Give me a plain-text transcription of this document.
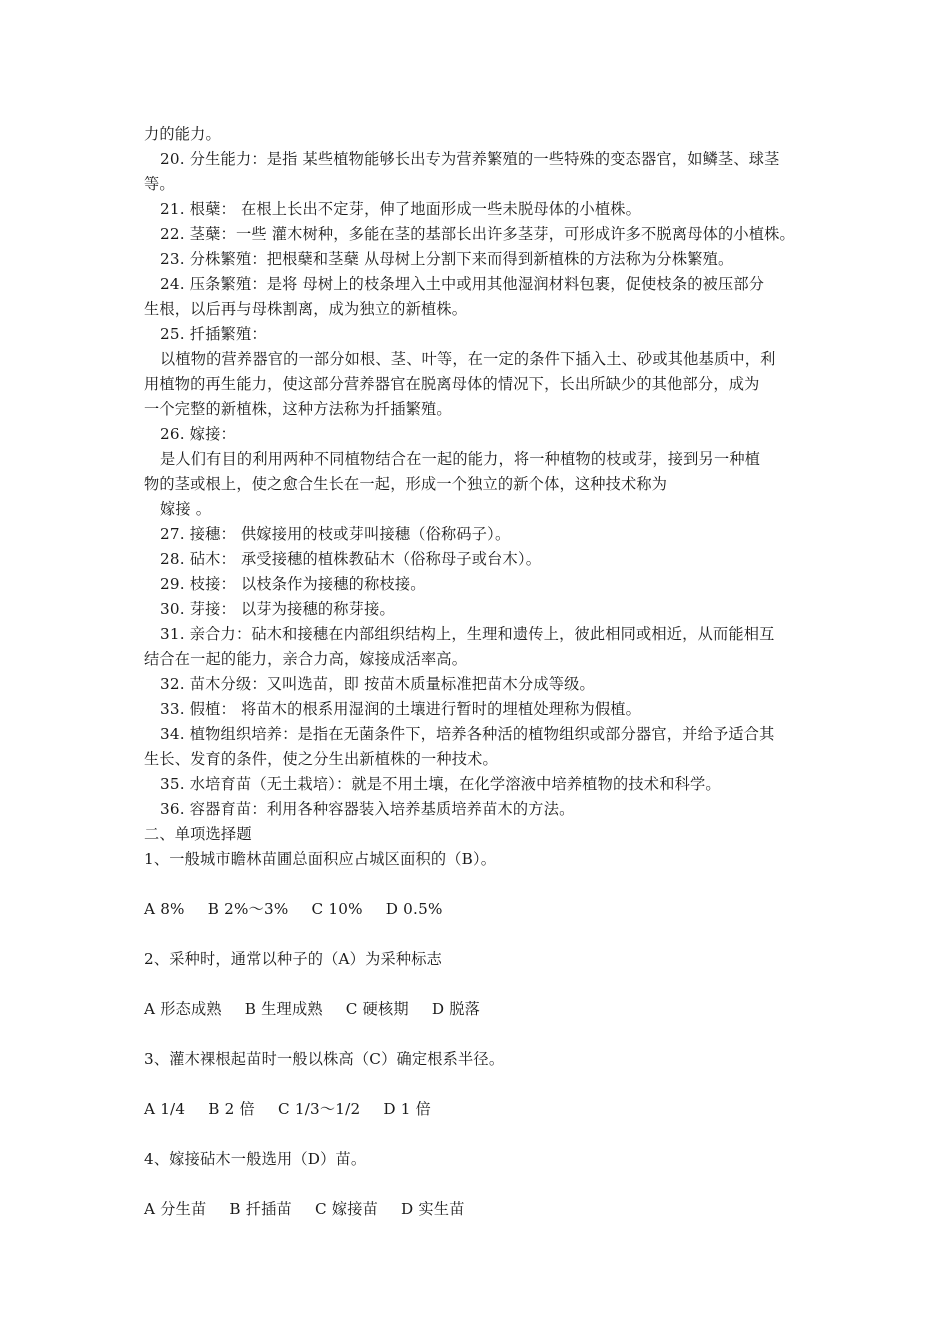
力的能力。
20. 分生能力：是指 某些植物能够长出专为营养繁殖的一些特殊的变态器官，如鳞茎、球茎
等。
21. 根蘖： 在根上长出不定芽，伸了地面形成一些未脱母体的小植株。
22. 茎蘖：一些 灌木树种，多能在茎的基部长出许多茎芽，可形成许多不脱离母体的小植株。
23. 分株繁殖：把根蘖和茎蘖 从母树上分割下来而得到新植株的方法称为分株繁殖。
24. 压条繁殖：是将 母树上的枝条埋入土中或用其他湿润材料包裹，促使枝条的被压部分
生根，以后再与母株割离，成为独立的新植株。
25. 扦插繁殖：
以植物的营养器官的一部分如根、茎、叶等，在一定的条件下插入土、砂或其他基质中，利
用植物的再生能力，使这部分营养器官在脱离母体的情况下，长出所缺少的其他部分，成为
一个完整的新植株，这种方法称为扦插繁殖。
26. 嫁接：
是人们有目的利用两种不同植物结合在一起的能力，将一种植物的枝或芽，接到另一种植
物的茎或根上，使之愈合生长在一起，形成一个独立的新个体，这种技术称为
嫁接 。
27. 接穗： 供嫁接用的枝或芽叫接穗（俗称码子）。
28. 砧木： 承受接穗的植株教砧木（俗称母子或台木）。
29. 枝接： 以枝条作为接穗的称枝接。
30. 芽接： 以芽为接穗的称芽接。
31. 亲合力：砧木和接穗在内部组织结构上，生理和遗传上，彼此相同或相近，从而能相互
结合在一起的能力，亲合力高，嫁接成活率高。
32. 苗木分级：又叫选苗，即 按苗木质量标准把苗木分成等级。
33. 假植： 将苗木的根系用湿润的土壤进行暂时的埋植处理称为假植。
34. 植物组织培养：是指在无菌条件下，培养各种活的植物组织或部分器官，并给予适合其
生长、发育的条件，使之分生出新植株的一种技术。
35. 水培育苗（无土栽培）：就是不用土壤，在化学溶液中培养植物的技术和科学。
36. 容器育苗：利用各种容器装入培养基质培养苗木的方法。
二、单项选择题
1、一般城市瞻林苗圃总面积应占城区面积的（B）。
A 8% B 2%～3% C 10% D 0.5%
2、采种时，通常以种子的（A）为采种标志
A 形态成熟 B 生理成熟 C 硬核期 D 脱落
3、灌木裸根起苗时一般以株高（C）确定根系半径。
A 1/4 B 2 倍 C 1/3～1/2 D 1 倍
4、嫁接砧木一般选用（D）苗。
A 分生苗 B 扦插苗 C 嫁接苗 D 实生苗
